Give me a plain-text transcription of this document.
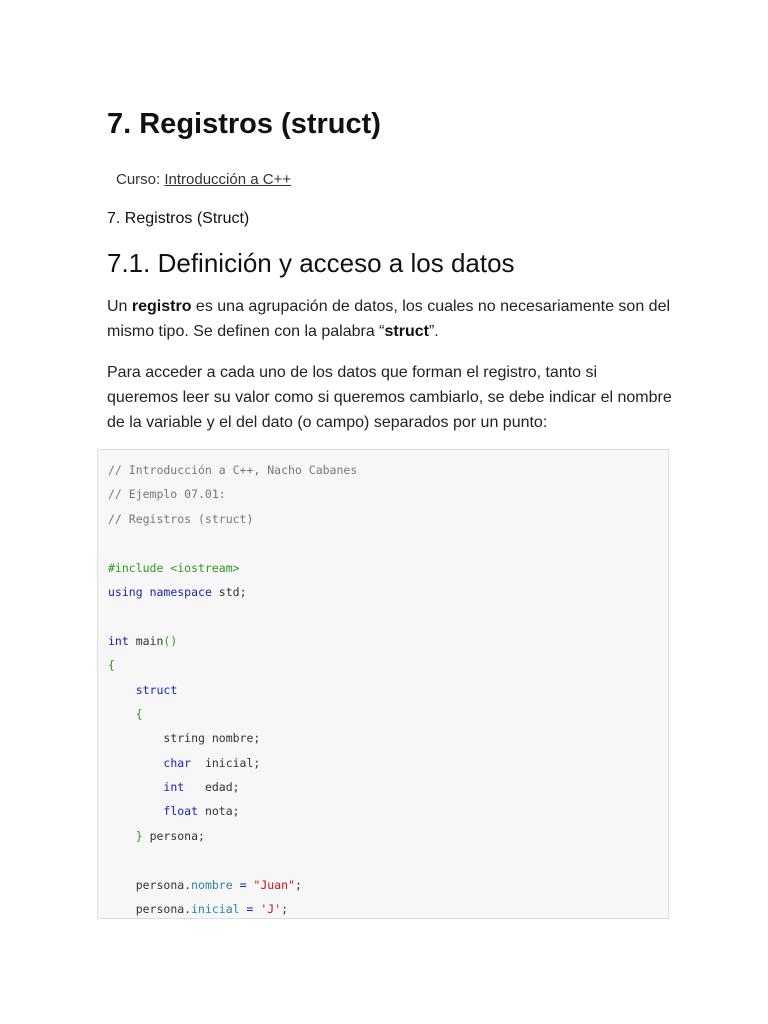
7. Registros (struct)

Curso: Introducción a C++

7. Registros (Struct)

7.1. Definición y acceso a los datos

Un registro es una agrupación de datos, los cuales no necesariamente son del mismo tipo. Se definen con la palabra “struct”.

Para acceder a cada uno de los datos que forman el registro, tanto si queremos leer su valor como si queremos cambiarlo, se debe indicar el nombre de la variable y el del dato (o campo) separados por un punto:

// Introducción a C++, Nacho Cabanes
// Ejemplo 07.01:
// Registros (struct)

#include <iostream>
using namespace std;

int main()
{
struct
{
string nombre;
char  inicial;
int   edad;
float nota;
} persona;

persona.nombre = "Juan";
persona.inicial = 'J';
